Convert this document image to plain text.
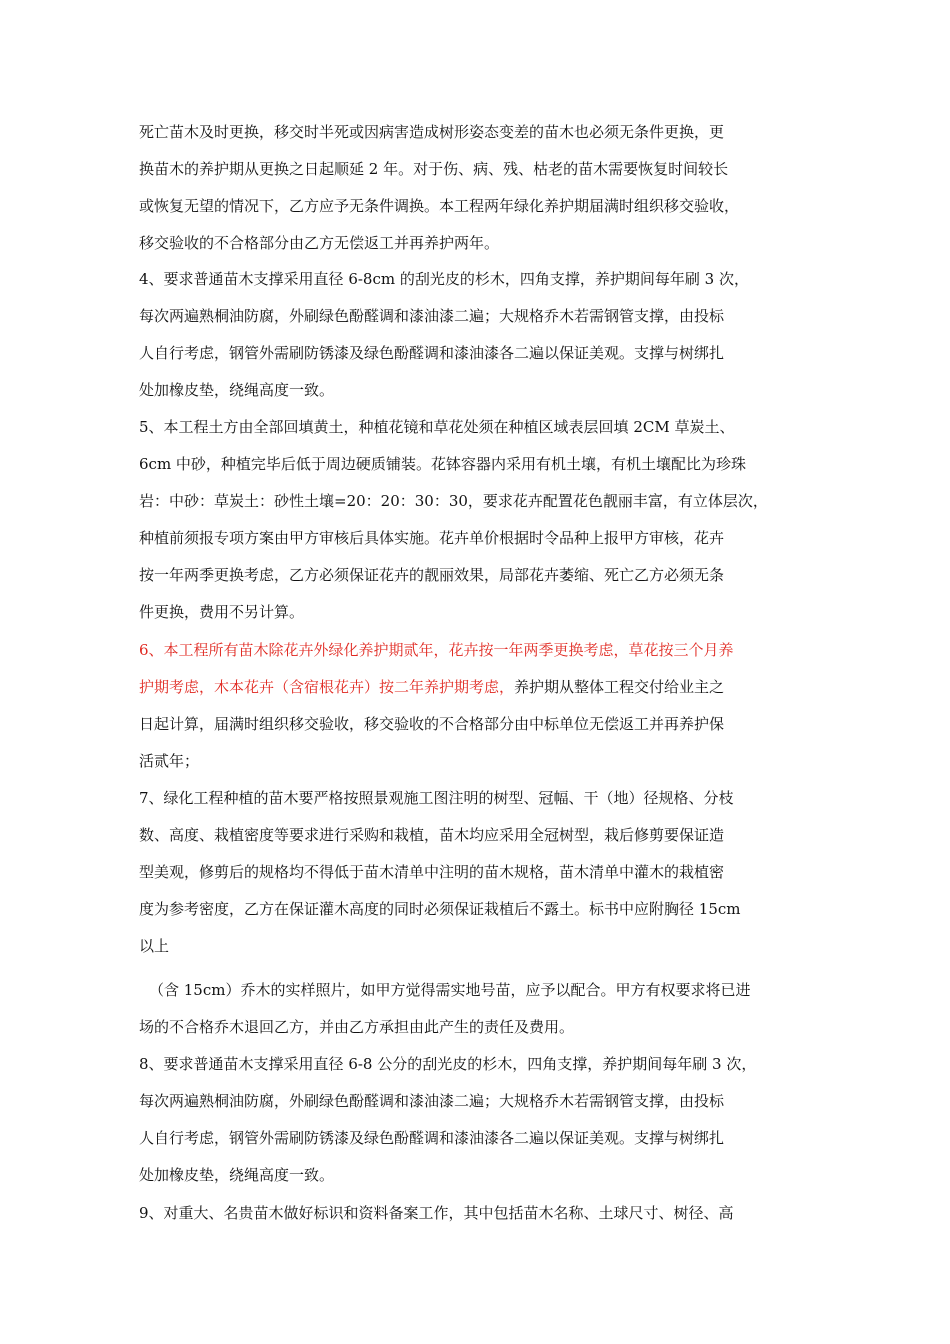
死亡苗木及时更换，移交时半死或因病害造成树形姿态变差的苗木也必须无条件更换，更
换苗木的养护期从更换之日起顺延 2 年。对于伤、病、残、枯老的苗木需要恢复时间较长
或恢复无望的情况下，乙方应予无条件调换。本工程两年绿化养护期届满时组织移交验收，
移交验收的不合格部分由乙方无偿返工并再养护两年。
4、要求普通苗木支撑采用直径 6-8cm 的刮光皮的杉木，四角支撑，养护期间每年刷 3 次，
每次两遍熟桐油防腐，外刷绿色酚醛调和漆油漆二遍；大规格乔木若需钢管支撑，由投标
人自行考虑，钢管外需刷防锈漆及绿色酚醛调和漆油漆各二遍以保证美观。支撑与树绑扎
处加橡皮垫，绕绳高度一致。
5、本工程土方由全部回填黄土，种植花镜和草花处须在种植区域表层回填 2CM 草炭土、
6cm 中砂，种植完毕后低于周边硬质铺装。花钵容器内采用有机土壤，有机土壤配比为珍珠
岩：中砂：草炭土：砂性土壤=20：20：30：30，要求花卉配置花色靓丽丰富，有立体层次，
种植前须报专项方案由甲方审核后具体实施。花卉单价根据时令品种上报甲方审核，花卉
按一年两季更换考虑，乙方必须保证花卉的靓丽效果，局部花卉萎缩、死亡乙方必须无条
件更换，费用不另计算。
6、本工程所有苗木除花卉外绿化养护期贰年，花卉按一年两季更换考虑，草花按三个月养
护期考虑，木本花卉（含宿根花卉）按二年养护期考虑，养护期从整体工程交付给业主之
日起计算，届满时组织移交验收，移交验收的不合格部分由中标单位无偿返工并再养护保
活贰年；
7、绿化工程种植的苗木要严格按照景观施工图注明的树型、冠幅、干（地）径规格、分枝
数、高度、栽植密度等要求进行采购和栽植，苗木均应采用全冠树型，栽后修剪要保证造
型美观，修剪后的规格均不得低于苗木清单中注明的苗木规格，苗木清单中灌木的栽植密
度为参考密度，乙方在保证灌木高度的同时必须保证栽植后不露土。标书中应附胸径 15cm
以上
（含 15cm）乔木的实样照片，如甲方觉得需实地号苗，应予以配合。甲方有权要求将已进
场的不合格乔木退回乙方，并由乙方承担由此产生的责任及费用。
8、要求普通苗木支撑采用直径 6-8 公分的刮光皮的杉木，四角支撑，养护期间每年刷 3 次，
每次两遍熟桐油防腐，外刷绿色酚醛调和漆油漆二遍；大规格乔木若需钢管支撑，由投标
人自行考虑，钢管外需刷防锈漆及绿色酚醛调和漆油漆各二遍以保证美观。支撑与树绑扎
处加橡皮垫，绕绳高度一致。
9、对重大、名贵苗木做好标识和资料备案工作，其中包括苗木名称、土球尺寸、树径、高
